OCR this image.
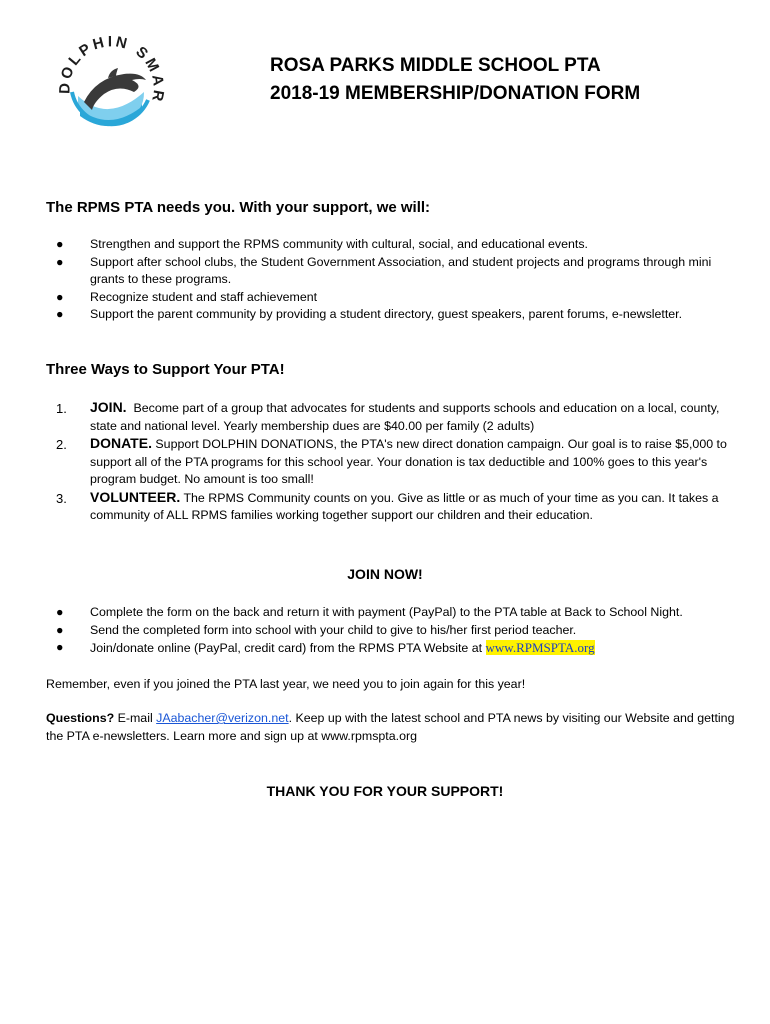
DOLPHIN SMAR
ROSA PARKS MIDDLE SCHOOL PTA
2018-19 MEMBERSHIP/DONATION FORM
The RPMS PTA needs you. With your support, we will:
● Strengthen and support the RPMS community with cultural, social, and educational events.
● Support after school clubs, the Student Government Association, and student projects and programs through mini grants to these programs.
● Recognize student and staff achievement
● Support the parent community by providing a student directory, guest speakers, parent forums, e-newsletter.
Three Ways to Support Your PTA!
1. JOIN. Become part of a group that advocates for students and supports schools and education on a local, county, state and national level. Yearly membership dues are $40.00 per family (2 adults)
2. DONATE. Support DOLPHIN DONATIONS, the PTA's new direct donation campaign. Our goal is to raise $5,000 to support all of the PTA programs for this school year. Your donation is tax deductible and 100% goes to this year's program budget. No amount is too small!
3. VOLUNTEER. The RPMS Community counts on you. Give as little or as much of your time as you can. It takes a community of ALL RPMS families working together support our children and their education.
JOIN NOW!
● Complete the form on the back and return it with payment (PayPal) to the PTA table at Back to School Night.
● Send the completed form into school with your child to give to his/her first period teacher.
● Join/donate online (PayPal, credit card) from the RPMS PTA Website at www.RPMSPTA.org
Remember, even if you joined the PTA last year, we need you to join again for this year!
Questions? E-mail JAabacher@verizon.net. Keep up with the latest school and PTA news by visiting our Website and getting the PTA e-newsletters. Learn more and sign up at www.rpmspta.org
THANK YOU FOR YOUR SUPPORT!
